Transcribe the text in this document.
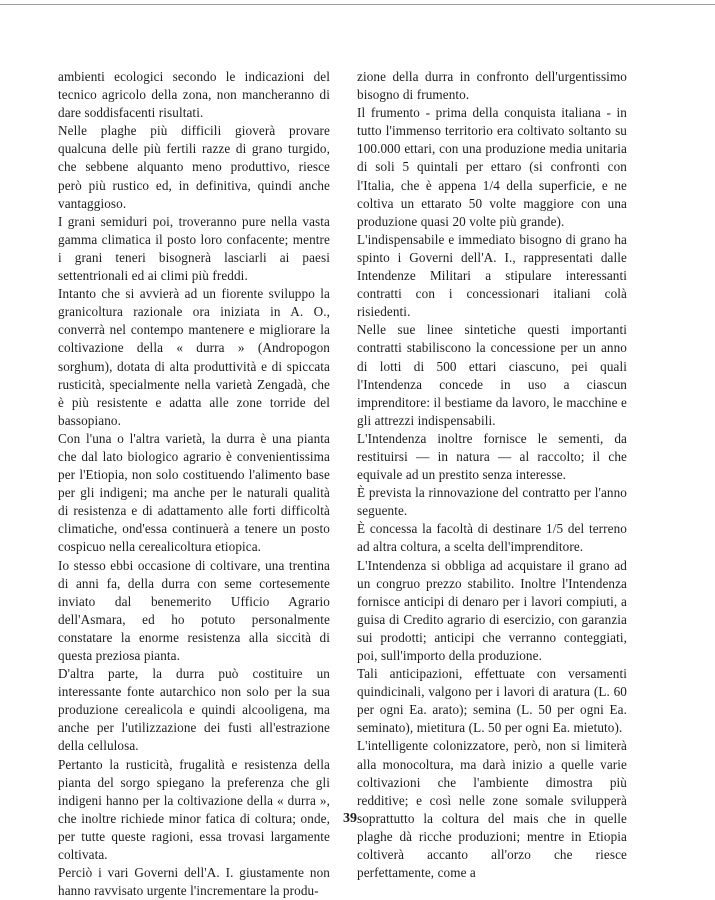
ambienti ecologici secondo le indicazioni del tecnico agricolo della zona, non mancheranno di dare soddisfacenti risultati.

Nelle plaghe più difficili gioverà provare qualcuna delle più fertili razze di grano turgido, che sebbene alquanto meno produttivo, riesce però più rustico ed, in definitiva, quindi anche vantaggioso.

I grani semiduri poi, troveranno pure nella vasta gamma climatica il posto loro confacente; mentre i grani teneri bisognerà lasciarli ai paesi settentrionali ed ai climi più freddi.

Intanto che si avvierà ad un fiorente sviluppo la granicoltura razionale ora iniziata in A. O., converrà nel contempo mantenere e migliorare la coltivazione della « durra » (Andropogon sorghum), dotata di alta produttività e di spiccata rusticità, specialmente nella varietà Zengadà, che è più resistente e adatta alle zone torride del bassopiano.

Con l'una o l'altra varietà, la durra è una pianta che dal lato biologico agrario è convenientissima per l'Etiopia, non solo costituendo l'alimento base per gli indigeni; ma anche per le naturali qualità di resistenza e di adattamento alle forti difficoltà climatiche, ond'essa continuerà a tenere un posto cospicuo nella cerealicoltura etiopica.

Io stesso ebbi occasione di coltivare, una trentina di anni fa, della durra con seme cortesemente inviato dal benemerito Ufficio Agrario dell'Asmara, ed ho potuto personalmente constatare la enorme resistenza alla siccità di questa preziosa pianta.

D'altra parte, la durra può costituire un interessante fonte autarchico non solo per la sua produzione cerealicola e quindi alcooligena, ma anche per l'utilizzazione dei fusti all'estrazione della cellulosa.

Pertanto la rusticità, frugalità e resistenza della pianta del sorgo spiegano la preferenza che gli indigeni hanno per la coltivazione della « durra », che inoltre richiede minor fatica di coltura; onde, per tutte queste ragioni, essa trovasi largamente coltivata.

Perciò i vari Governi dell'A. I. giustamente non hanno ravvisato urgente l'incrementare la produ-

zione della durra in confronto dell'urgentissimo bisogno di frumento.

Il frumento - prima della conquista italiana - in tutto l'immenso territorio era coltivato soltanto su 100.000 ettari, con una produzione media unitaria di soli 5 quintali per ettaro (si confronti con l'Italia, che è appena 1/4 della superficie, e ne coltiva un ettarato 50 volte maggiore con una produzione quasi 20 volte più grande).

L'indispensabile e immediato bisogno di grano ha spinto i Governi dell'A. I., rappresentati dalle Intendenze Militari a stipulare interessanti contratti con i concessionari italiani colà risiedenti.

Nelle sue linee sintetiche questi importanti contratti stabiliscono la concessione per un anno di lotti di 500 ettari ciascuno, pei quali l'Intendenza concede in uso a ciascun imprenditore: il bestiame da lavoro, le macchine e gli attrezzi indispensabili.

L'Intendenza inoltre fornisce le sementi, da restituirsi — in natura — al raccolto; il che equivale ad un prestito senza interesse.

È prevista la rinnovazione del contratto per l'anno seguente.

È concessa la facoltà di destinare 1/5 del terreno ad altra coltura, a scelta dell'imprenditore.

L'Intendenza si obbliga ad acquistare il grano ad un congruo prezzo stabilito. Inoltre l'Intendenza fornisce anticipi di denaro per i lavori compiuti, a guisa di Credito agrario di esercizio, con garanzia sui prodotti; anticipi che verranno conteggiati, poi, sull'importo della produzione.

Tali anticipazioni, effettuate con versamenti quindicinali, valgono per i lavori di aratura (L. 60 per ogni Ea. arato); semina (L. 50 per ogni Ea. seminato), mietitura (L. 50 per ogni Ea. mietuto).

L'intelligente colonizzatore, però, non si limiterà alla monocoltura, ma darà inizio a quelle varie coltivazioni che l'ambiente dimostra più redditive; e così nelle zone somale svilupperà soprattutto la coltura del mais che in quelle plaghe dà ricche produzioni; mentre in Etiopia coltiverà accanto all'orzo che riesce perfettamente, come a

39
